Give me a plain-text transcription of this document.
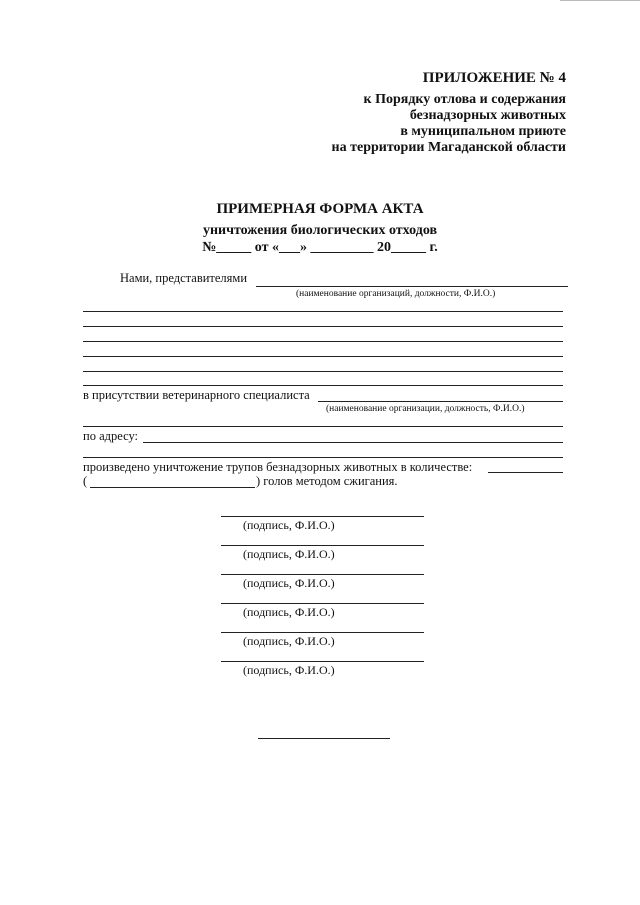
ПРИЛОЖЕНИЕ № 4
к Порядку отлова и содержания
безнадзорных животных
в муниципальном приюте
на территории Магаданской области
ПРИМЕРНАЯ ФОРМА АКТА
уничтожения биологических отходов
№_____ от «___» _________ 20_____ г.
Нами, представителями
(наименование организаций, должности, Ф.И.О.)
в присутствии ветеринарного специалиста
(наименование организации, должность, Ф.И.О.)
по адресу:
произведено уничтожение трупов безнадзорных животных в количестве:
(	) голов методом сжигания.
(подпись, Ф.И.О.)
(подпись, Ф.И.О.)
(подпись, Ф.И.О.)
(подпись, Ф.И.О.)
(подпись, Ф.И.О.)
(подпись, Ф.И.О.)
